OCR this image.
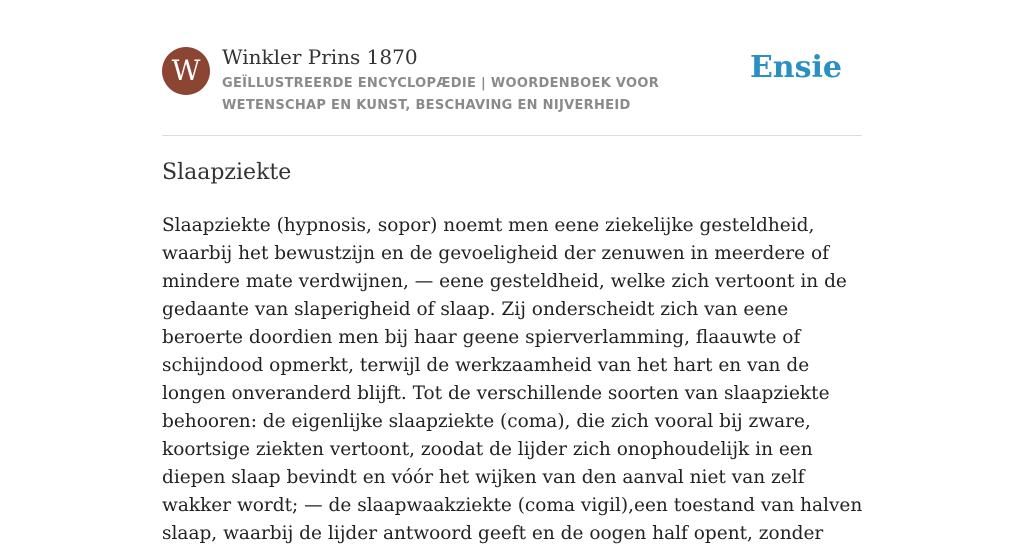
W	Winkler Prins 1870
GEÏLLUSTREERDE ENCYCLOPÆDIE | WOORDENBOEK VOOR WETENSCHAP EN KUNST, BESCHAVING EN NIJVERHEID
Ensie
Slaapziekte

Slaapziekte (hypnosis, sopor) noemt men eene ziekelijke gesteldheid, waarbij het bewustzijn en de gevoeligheid der zenuwen in meerdere of mindere mate verdwijnen, — eene gesteldheid, welke zich vertoont in de gedaante van slaperigheid of slaap. Zij onderscheidt zich van eene beroerte doordien men bij haar geene spierverlamming, flaauwte of schijndood opmerkt, terwijl de werkzaamheid van het hart en van de longen onveranderd blijft. Tot de verschillende soorten van slaapziekte behooren: de eigenlijke slaapziekte (coma), die zich vooral bij zware, koortsige ziekten vertoont, zoodat de lijder zich onophoudelijk in een diepen slaap bevindt en vóór het wijken van den aanval niet van zelf wakker wordt; — de slaapwaakziekte (coma vigil),een toestand van halven slaap, waarbij de lijder antwoord geeft en de oogen half opent, zonder
